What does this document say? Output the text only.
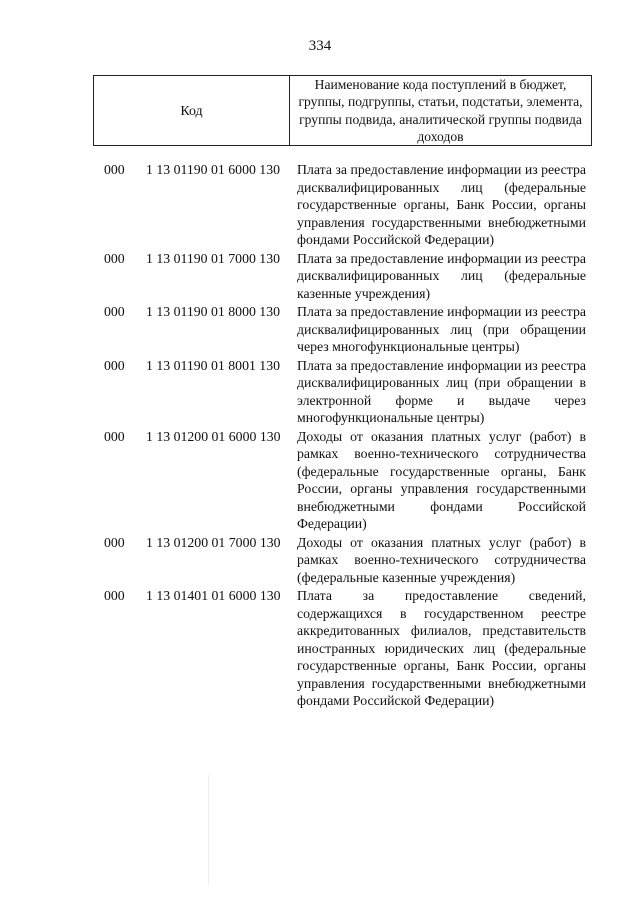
334
Код
Наименование кода поступлений в бюджет, группы, подгруппы, статьи, подстатьи, элемента, группы подвида, аналитической группы подвида доходов
000 1 13 01190 01 6000 130 Плата за предоставление информации из реестра дисквалифицированных лиц (федеральные государственные органы, Банк России, органы управления государственными внебюджетными фондами Российской Федерации)
000 1 13 01190 01 7000 130 Плата за предоставление информации из реестра дисквалифицированных лиц (федеральные казенные учреждения)
000 1 13 01190 01 8000 130 Плата за предоставление информации из реестра дисквалифицированных лиц (при обращении через многофункциональные центры)
000 1 13 01190 01 8001 130 Плата за предоставление информации из реестра дисквалифицированных лиц (при обращении в электронной форме и выдаче через многофункциональные центры)
000 1 13 01200 01 6000 130 Доходы от оказания платных услуг (работ) в рамках военно-технического сотрудничества (федеральные государственные органы, Банк России, органы управления государственными внебюджетными фондами Российской Федерации)
000 1 13 01200 01 7000 130 Доходы от оказания платных услуг (работ) в рамках военно-технического сотрудничества (федеральные казенные учреждения)
000 1 13 01401 01 6000 130 Плата за предоставление сведений, содержащихся в государственном реестре аккредитованных филиалов, представительств иностранных юридических лиц (федеральные государственные органы, Банк России, органы управления государственными внебюджетными фондами Российской Федерации)
